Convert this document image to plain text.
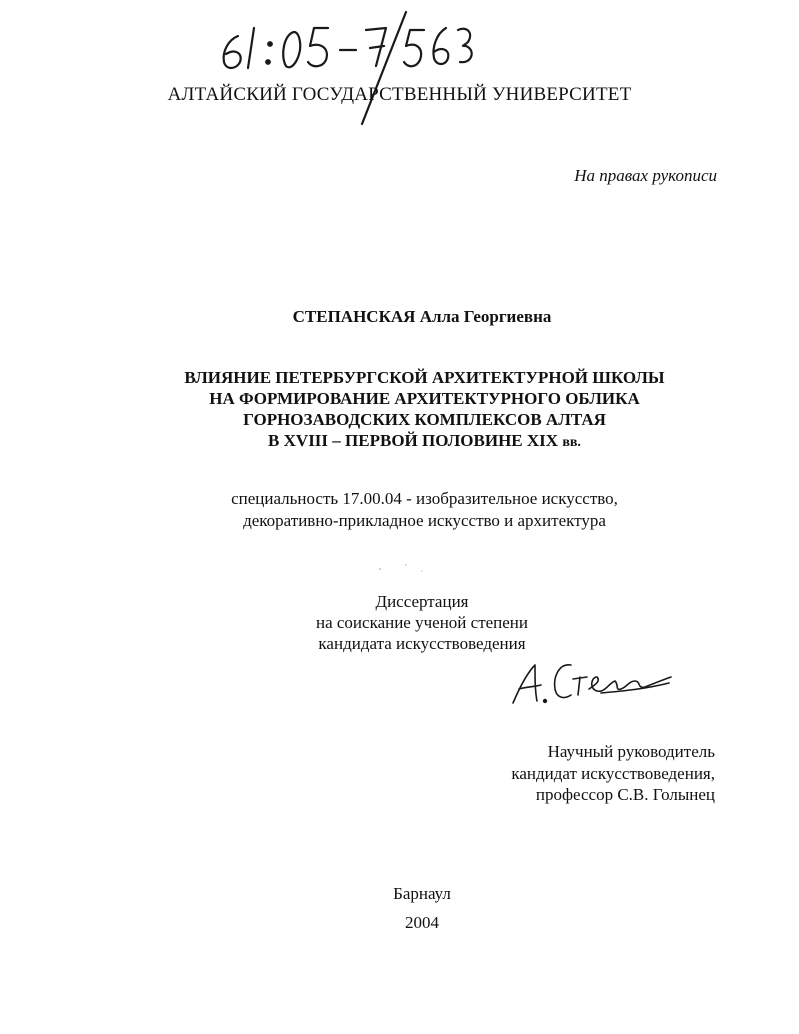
АЛТАЙСКИЙ ГОСУДАРСТВЕННЫЙ УНИВЕРСИТЕТ
На правах рукописи
СТЕПАНСКАЯ Алла Георгиевна
ВЛИЯНИЕ ПЕТЕРБУРГСКОЙ АРХИТЕКТУРНОЙ ШКОЛЫ
НА ФОРМИРОВАНИЕ АРХИТЕКТУРНОГО ОБЛИКА
ГОРНОЗАВОДСКИХ КОМПЛЕКСОВ АЛТАЯ
В XVIII – ПЕРВОЙ ПОЛОВИНЕ XIX вв.
специальность 17.00.04 - изобразительное искусство,
декоративно-прикладное искусство и архитектура
Диссертация
на соискание ученой степени
кандидата искусствоведения
Научный руководитель
кандидат искусствоведения,
профессор С.В. Голынец
Барнаул
2004
